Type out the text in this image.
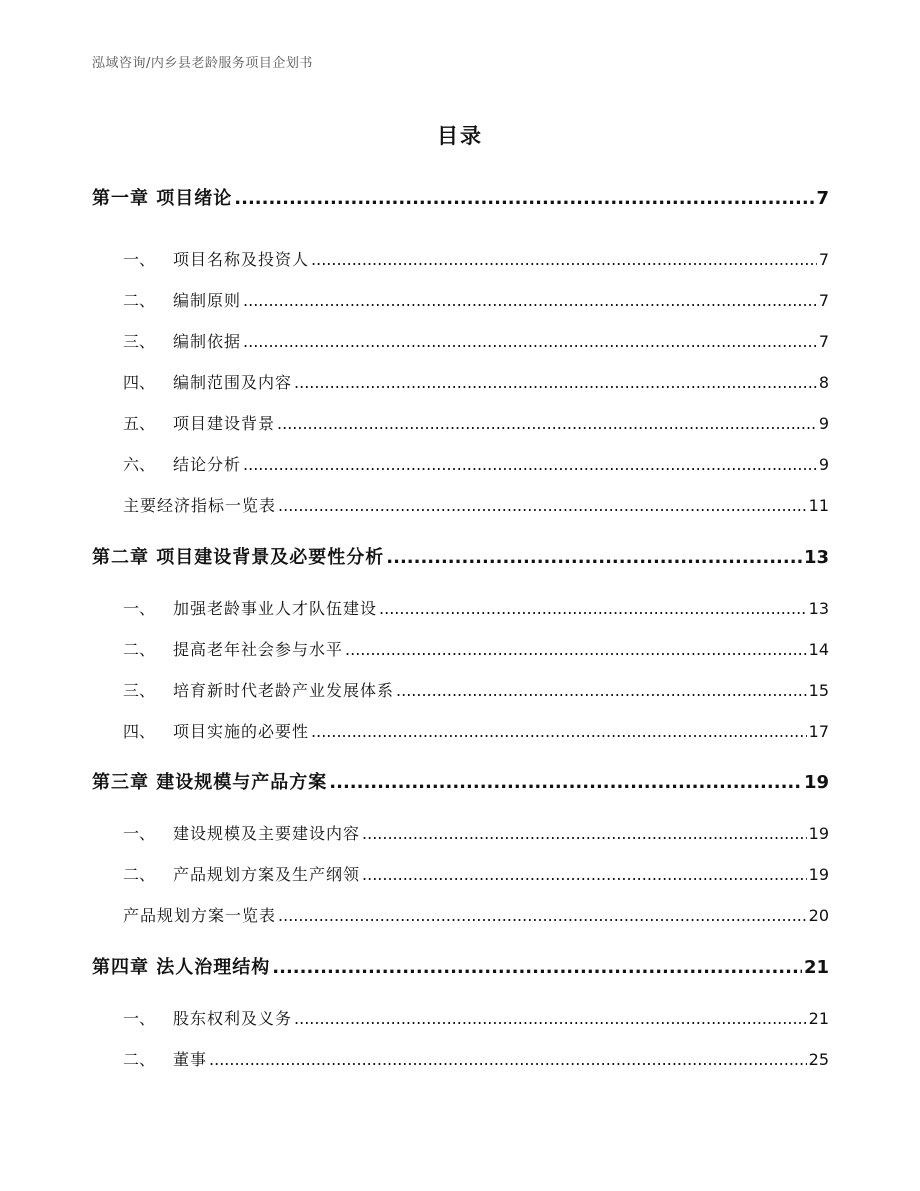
泓域咨询/内乡县老龄服务项目企划书
目录
第一章 项目绪论 .....	7
一、	项目名称及投资人 .....	7
二、	编制原则 .....	7
三、	编制依据 .....	7
四、	编制范围及内容 .....	8
五、	项目建设背景 .....	9
六、	结论分析 .....	9
主要经济指标一览表 .....	11
第二章 项目建设背景及必要性分析 .....	13
一、	加强老龄事业人才队伍建设 .....	13
二、	提高老年社会参与水平 .....	14
三、	培育新时代老龄产业发展体系 .....	15
四、	项目实施的必要性 .....	17
第三章 建设规模与产品方案 .....	19
一、	建设规模及主要建设内容 .....	19
二、	产品规划方案及生产纲领 .....	19
产品规划方案一览表 .....	20
第四章 法人治理结构 .....	21
一、	股东权利及义务 .....	21
二、	董事 .....	25
